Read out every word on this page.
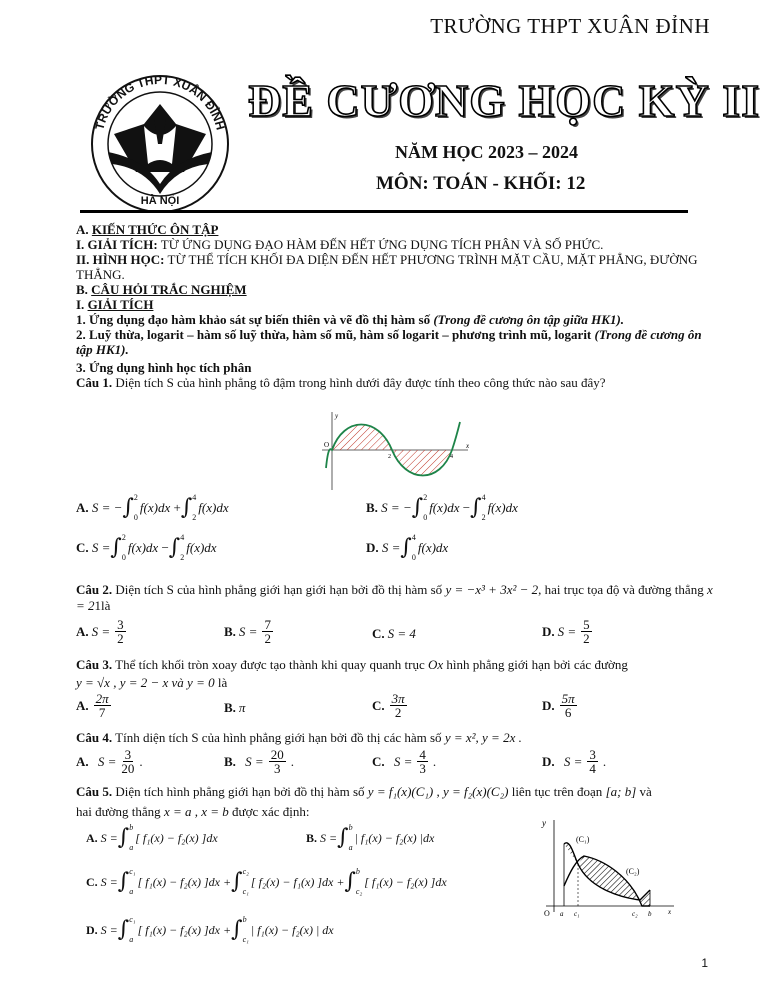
TRƯỜNG THPT XUÂN ĐỈNH
TRƯỜNG THPT XUÂN ĐỈNH
HÀ NỘI
ĐỀ CƯƠNG HỌC KỲ II
NĂM HỌC 2023 – 2024
MÔN: TOÁN - KHỐI: 12

A. KIẾN THỨC ÔN TẬP

I. GIẢI TÍCH: TỪ ỨNG DỤNG ĐẠO HÀM ĐẾN HẾT ỨNG DỤNG TÍCH PHÂN VÀ SỐ PHỨC.

II. HÌNH HỌC: TỪ THỂ TÍCH KHỐI ĐA DIỆN ĐẾN HẾT PHƯƠNG TRÌNH MẶT CẦU, MẶT PHẲNG, ĐƯỜNG THẲNG.

B. CÂU HỎI TRẮC NGHIỆM

I. GIẢI TÍCH

1. Ứng dụng đạo hàm khảo sát sự biến thiên và vẽ đồ thị hàm số (Trong đề cương ôn tập giữa HK1).

2. Luỹ thừa, logarit – hàm số luỹ thừa, hàm số mũ, hàm số logarit – phương trình mũ, logarit (Trong đề cương ôn tập HK1).

3. Ứng dụng hình học tích phân

Câu 1. Diện tích S của hình phẳng tô đậm trong hình dưới đây được tính theo công thức nào sau đây?

y
O	x
2	4
A.
S = − ∫ 2
0
f(x)dx
+ ∫ 4
2
f(x)dx	B.
S = − ∫ 2
0
f(x)dx
− ∫ 4
2
f(x)dx
C.
S = ∫ 2
0
f(x)dx
− ∫ 4
2
f(x)dx	D.
S = ∫ 4
0
f(x)dx
Câu 2. Diện tích S của hình phẳng giới hạn giới hạn bởi đồ thị hàm số y = −x³ + 3x² − 2, hai trục tọa độ và đường thẳng x = 21là
A. $S = \frac{3}{2}$	B. $S = \frac{7}{2}$	C. S = 4	D. $S = \frac{5}{2}$
Câu 3. Thể tích khối tròn xoay được tạo thành khi quay quanh trục Ox hình phẳng giới hạn bởi các đường
y = √x , y = 2 − x và y = 0 là
A. $\frac{2\pi}{7}$	B. π	C. $\frac{3\pi}{2}$	D. $\frac{5\pi}{6}$
Câu 4. Tính diện tích S của hình phẳng giới hạn bởi đồ thị các hàm số y = x², y = 2x .
A.
$S = \frac{3}{20}$ .	B.
$S = \frac{20}{3}$ .	C.
$S = \frac{4}{3}$ .	D.
$S = \frac{3}{4}$ .
Câu 5. Diện tích hình phẳng giới hạn bởi đồ thị hàm số y = f₁(x)(C₁) , y = f₂(x)(C₂) liên tục trên đoạn [a; b] và
hai đường thẳng x = a , x = b được xác định:
A.
S = ∫ b
a
[ f₁(x) − f₂(x) ]dx	B.
S = ∫ b
a
| f₁(x) − f₂(x) |dx
C.
S = ∫ c₁
a
[ f₁(x) − f₂(x) ]dx + ∫ c₂
c₁
[ f₂(x) − f₁(x) ]dx + ∫ b
c₂
[ f₁(x) − f₂(x) ]dx
D.
S = ∫ c₁
a
[ f₁(x) − f₂(x) ]dx + ∫ b
c₁
| f₁(x) − f₂(x) | dx
y
O a c₁	c₂ b x
(C₁)
(C₂)
1
